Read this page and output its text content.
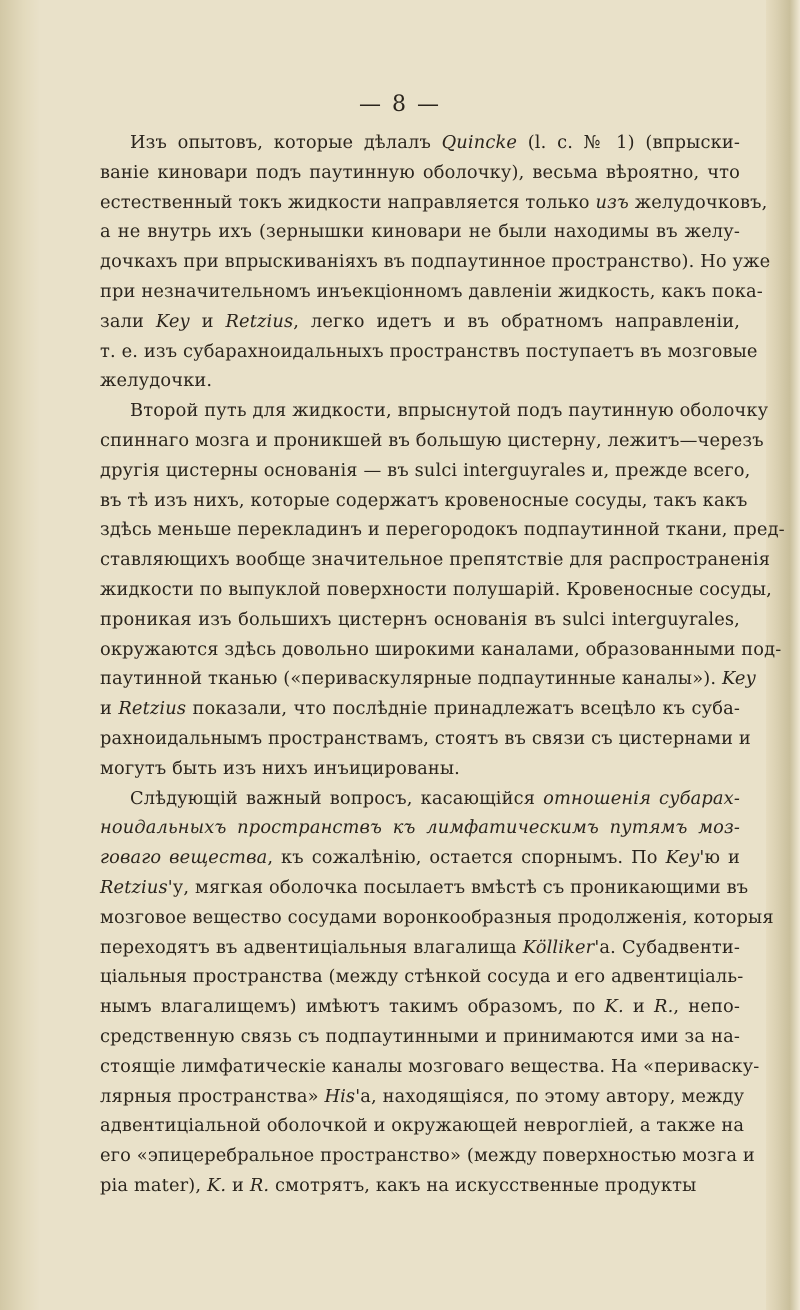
— 8 —
Изъ опытовъ, которые дѣлалъ Quincke (l. c. № 1) (впрыски-
ваніе киновари подъ паутинную оболочку), весьма вѣроятно, что
естественный токъ жидкости направляется только изъ желудочковъ,
а не внутрь ихъ (зернышки киновари не были находимы въ желу-
дочкахъ при впрыскиваніяхъ въ подпаутинное пространство). Но уже
при незначительномъ инъекціонномъ давленіи жидкость, какъ пока-
зали Key и Retzius, легко идетъ и въ обратномъ направленіи,
т. е. изъ субарахноидальныхъ пространствъ поступаетъ въ мозговые
желудочки.
Второй путь для жидкости, впрыснутой подъ паутинную оболочку
спиннаго мозга и проникшей въ большую цистерну, лежитъ—черезъ
другія цистерны основанія — въ sulci interguyrales и, прежде всего,
въ тѣ изъ нихъ, которые содержатъ кровеносные сосуды, такъ какъ
здѣсь меньше перекладинъ и перегородокъ подпаутинной ткани, пред-
ставляющихъ вообще значительное препятствіе для распространенія
жидкости по выпуклой поверхности полушарій. Кровеносные сосуды,
проникая изъ большихъ цистернъ основанія въ sulci interguyrales,
окружаются здѣсь довольно широкими каналами, образованными под-
паутинной тканью («периваскулярные подпаутинные каналы»). Key
и Retzius показали, что послѣдніе принадлежатъ всецѣло къ суба-
рахноидальнымъ пространствамъ, стоятъ въ связи съ цистернами и
могутъ быть изъ нихъ инъицированы.
Слѣдующій важный вопросъ, касающійся отношенія субарах-
ноидальныхъ пространствъ къ лимфатическимъ путямъ моз-
говаго вещества, къ сожалѣнію, остается спорнымъ. По Key'ю и
Retzius'у, мягкая оболочка посылаетъ вмѣстѣ съ проникающими въ
мозговое вещество сосудами воронкообразныя продолженія, которыя
переходятъ въ адвентиціальныя влагалища Kölliker'а. Субадвенти-
ціальныя пространства (между стѣнкой сосуда и его адвентиціаль-
нымъ влагалищемъ) имѣютъ такимъ образомъ, по K. и R., непо-
средственную связь съ подпаутинными и принимаются ими за на-
стоящіе лимфатическіе каналы мозговаго вещества. На «периваску-
лярныя пространства» His'а, находящіяся, по этому автору, между
адвентиціальной оболочкой и окружающей неврогліей, а также на
его «эпицеребральное пространство» (между поверхностью мозга и
pia mater), K. и R. смотрятъ, какъ на искусственные продукты
